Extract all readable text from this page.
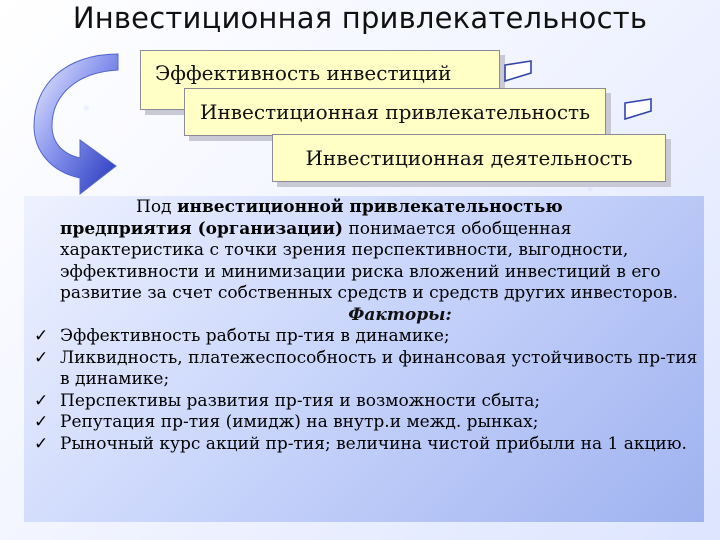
Инвестиционная привлекательность
Эффективность инвестиций
Инвестиционная привлекательность
Инвестиционная деятельность

Под инвестиционной привлекательностью предприятия (организации) понимается обобщенная характеристика с точки зрения перспективности, выгодности, эффективности и минимизации риска вложений инвестиций в его развитие за счет собственных средств и средств других инвесторов.

Факторы:

✓ Эффективность работы пр-тия в динамике;
✓ Ликвидность, платежеспособность и финансовая устойчивость пр-тия в динамике;
✓ Перспективы развития пр-тия и возможности сбыта;
✓ Репутация пр-тия (имидж) на внутр.и межд. рынках;
✓ Рыночный курс акций пр-тия; величина чистой прибыли на 1 акцию.
